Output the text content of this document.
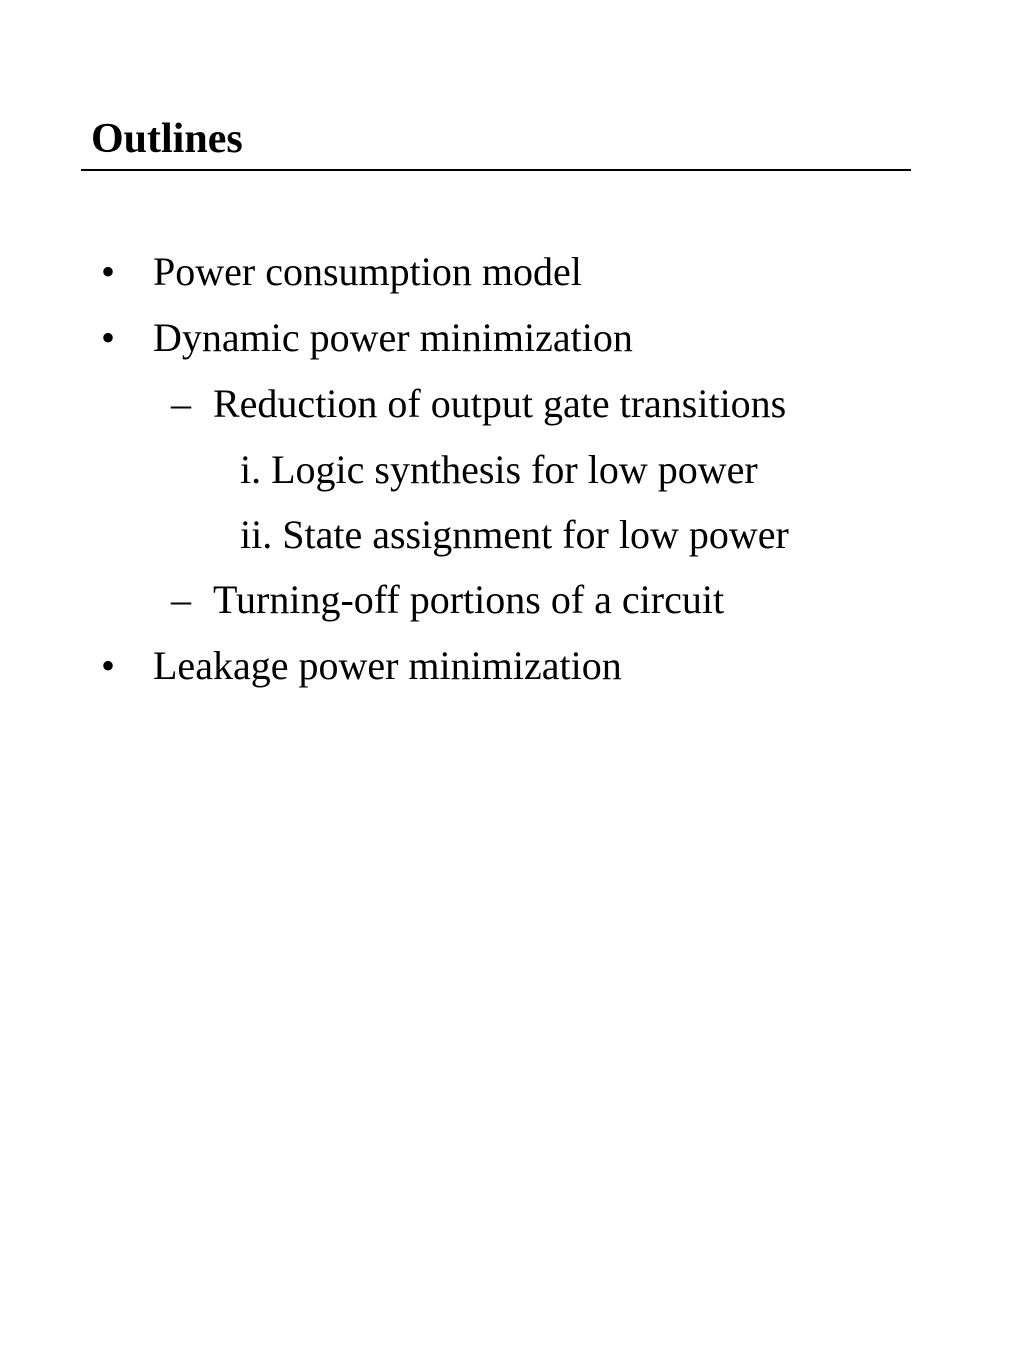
Outlines
• Power consumption model
• Dynamic power minimization
– Reduction of output gate transitions
i. Logic synthesis for low power
ii. State assignment for low power
– Turning-off portions of a circuit
• Leakage power minimization
